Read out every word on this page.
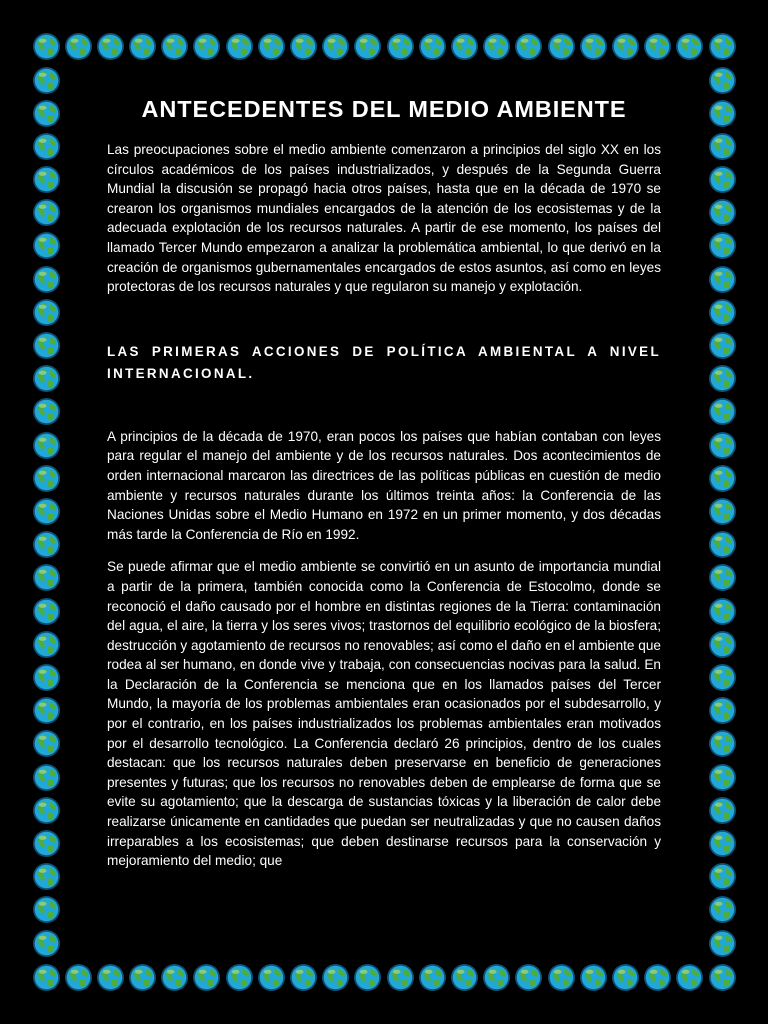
ANTECEDENTES DEL MEDIO AMBIENTE

Las preocupaciones sobre el medio ambiente comenzaron a principios del siglo XX en los círculos académicos de los países industrializados, y después de la Segunda Guerra Mundial la discusión se propagó hacia otros países, hasta que en la década de 1970 se crearon los organismos mundiales encargados de la atención de los ecosistemas y de la adecuada explotación de los recursos naturales. A partir de ese momento, los países del llamado Tercer Mundo empezaron a analizar la problemática ambiental, lo que derivó en la creación de organismos gubernamentales encargados de estos asuntos, así como en leyes protectoras de los recursos naturales y que regularon su manejo y explotación.

LAS PRIMERAS ACCIONES DE POLÍTICA AMBIENTAL A NIVEL INTERNACIONAL.

A principios de la década de 1970, eran pocos los países que habían contaban con leyes para regular el manejo del ambiente y de los recursos naturales. Dos acontecimientos de orden internacional marcaron las directrices de las políticas públicas en cuestión de medio ambiente y recursos naturales durante los últimos treinta años: la Conferencia de las Naciones Unidas sobre el Medio Humano en 1972 en un primer momento, y dos décadas más tarde la Conferencia de Río en 1992.

Se puede afirmar que el medio ambiente se convirtió en un asunto de importancia mundial a partir de la primera, también conocida como la Conferencia de Estocolmo, donde se reconoció el daño causado por el hombre en distintas regiones de la Tierra: contaminación del agua, el aire, la tierra y los seres vivos; trastornos del equilibrio ecológico de la biosfera; destrucción y agotamiento de recursos no renovables; así como el daño en el ambiente que rodea al ser humano, en donde vive y trabaja, con consecuencias nocivas para la salud. En la Declaración de la Conferencia se menciona que en los llamados países del Tercer Mundo, la mayoría de los problemas ambientales eran ocasionados por el subdesarrollo, y por el contrario, en los países industrializados los problemas ambientales eran motivados por el desarrollo tecnológico. La Conferencia declaró 26 principios, dentro de los cuales destacan: que los recursos naturales deben preservarse en beneficio de generaciones presentes y futuras; que los recursos no renovables deben de emplearse de forma que se evite su agotamiento; que la descarga de sustancias tóxicas y la liberación de calor debe realizarse únicamente en cantidades que puedan ser neutralizadas y que no causen daños irreparables a los ecosistemas; que deben destinarse recursos para la conservación y mejoramiento del medio; que
